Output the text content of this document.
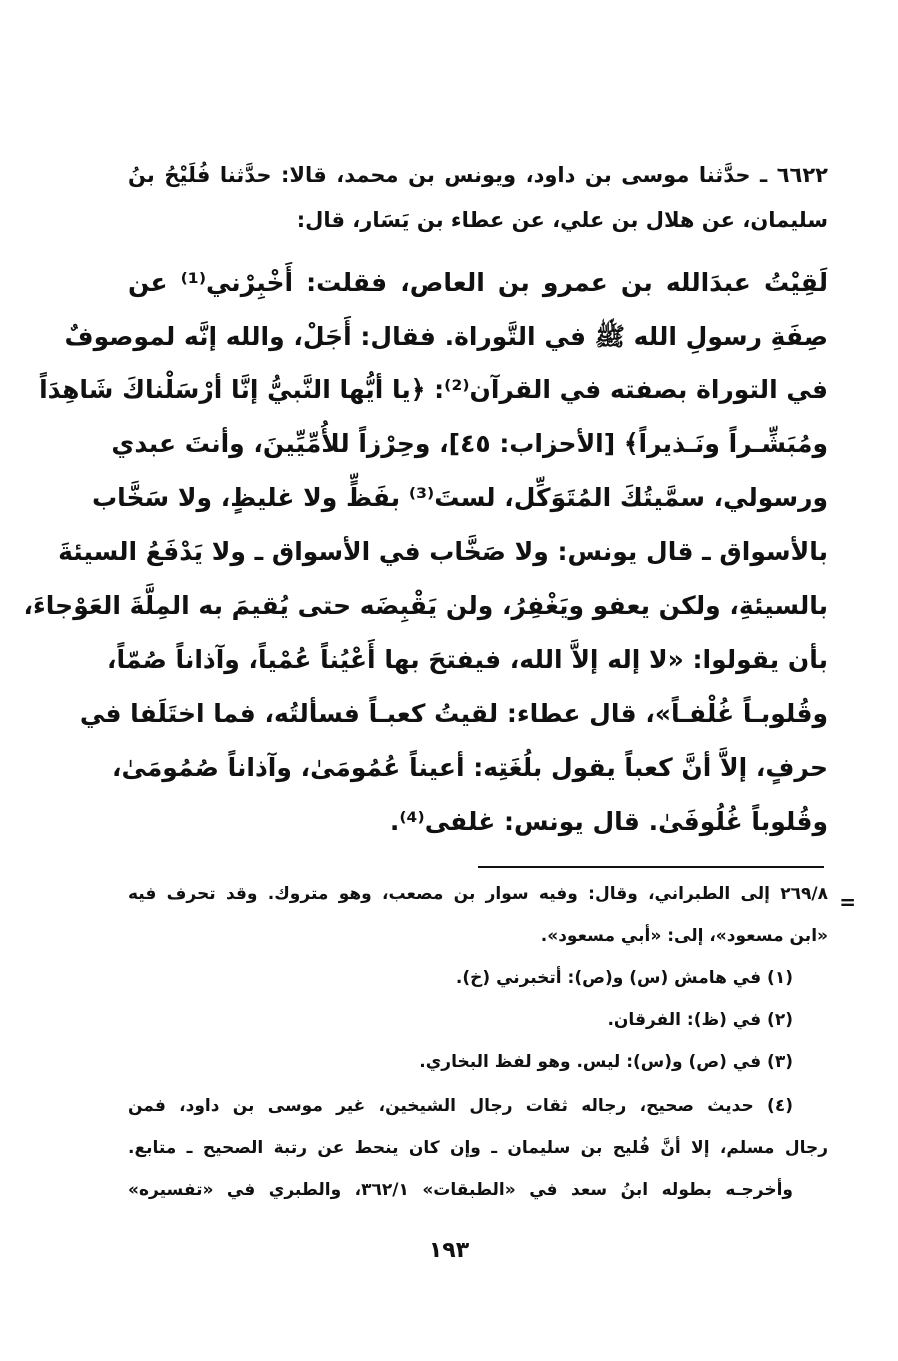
٦٦٢٢ ـ حدَّثنا موسى بن داود، ويونس بن محمد، قالا: حدَّثنا فُلَيْحُ بنُ
سليمان، عن هلال بن علي، عن عطاء بن يَسَار، قال:
لَقِيْتُ عبدَالله بن عمرو بن العاص، فقلت: أَخْبِرْني⁽¹⁾ عن
صِفَةِ رسولِ الله ﷺ في التَّوراة. فقال: أَجَلْ، والله إنَّه لموصوفٌ
في التوراة بصفته في القرآن⁽²⁾: ﴿يا أيُّها النَّبيُّ إنَّا أرْسَلْناكَ شَاهِدَاً
ومُبَشِّـراً ونَـذيراً﴾ [الأحزاب: ٤٥]، وحِرْزاً للأُمِّيِّينَ، وأنتَ عبدي
ورسولي، سمَّيتُكَ المُتَوَكِّل، لستَ⁽³⁾ بفَظٍّ ولا غليظٍ، ولا سَخَّاب
بالأسواق ـ قال يونس: ولا صَخَّاب في الأسواق ـ ولا يَدْفَعُ السيئةَ
بالسيئةِ، ولكن يعفو ويَغْفِرُ، ولن يَقْبِضَه حتى يُقيمَ به المِلَّةَ العَوْجاءَ،
بأن يقولوا: «لا إله إلاَّ الله، فيفتحَ بها أَعْيُناً عُمْياً، وآذاناً صُمّاً،
وقُلوبـاً غُلْفـاً»، قال عطاء: لقيتُ كعبـاً فسألتُه، فما اختَلَفا في
حرفٍ، إلاَّ أنَّ كعباً يقول بلُغَتِه: أعيناً عُمُومَىٰ، وآذاناً صُمُومَىٰ،
وقُلوباً غُلُوفَىٰ. قال يونس: غلفى⁽⁴⁾.
=
٢٦٩/٨ إلى الطبراني، وقال: وفيه سوار بن مصعب، وهو متروك. وقد تحرف فيه
«ابن مسعود»، إلى: «أبي مسعود».
(١) في هامش (س) و(ص): أتخبرني (خ).
(٢) في (ظ): الفرقان.
(٣) في (ص) و(س): ليس. وهو لفظ البخاري.
(٤) حديث صحيح، رجاله ثقات رجال الشيخين، غير موسى بن داود، فمن
رجال مسلم، إلا أنَّ فُليح بن سليمان ـ وإن كان ينحط عن رتبة الصحيح ـ متابع.
وأخرجـه بطوله ابنُ سعد في «الطبقات» ٣٦٢/١، والطبري في «تفسيره»
١٩٣
